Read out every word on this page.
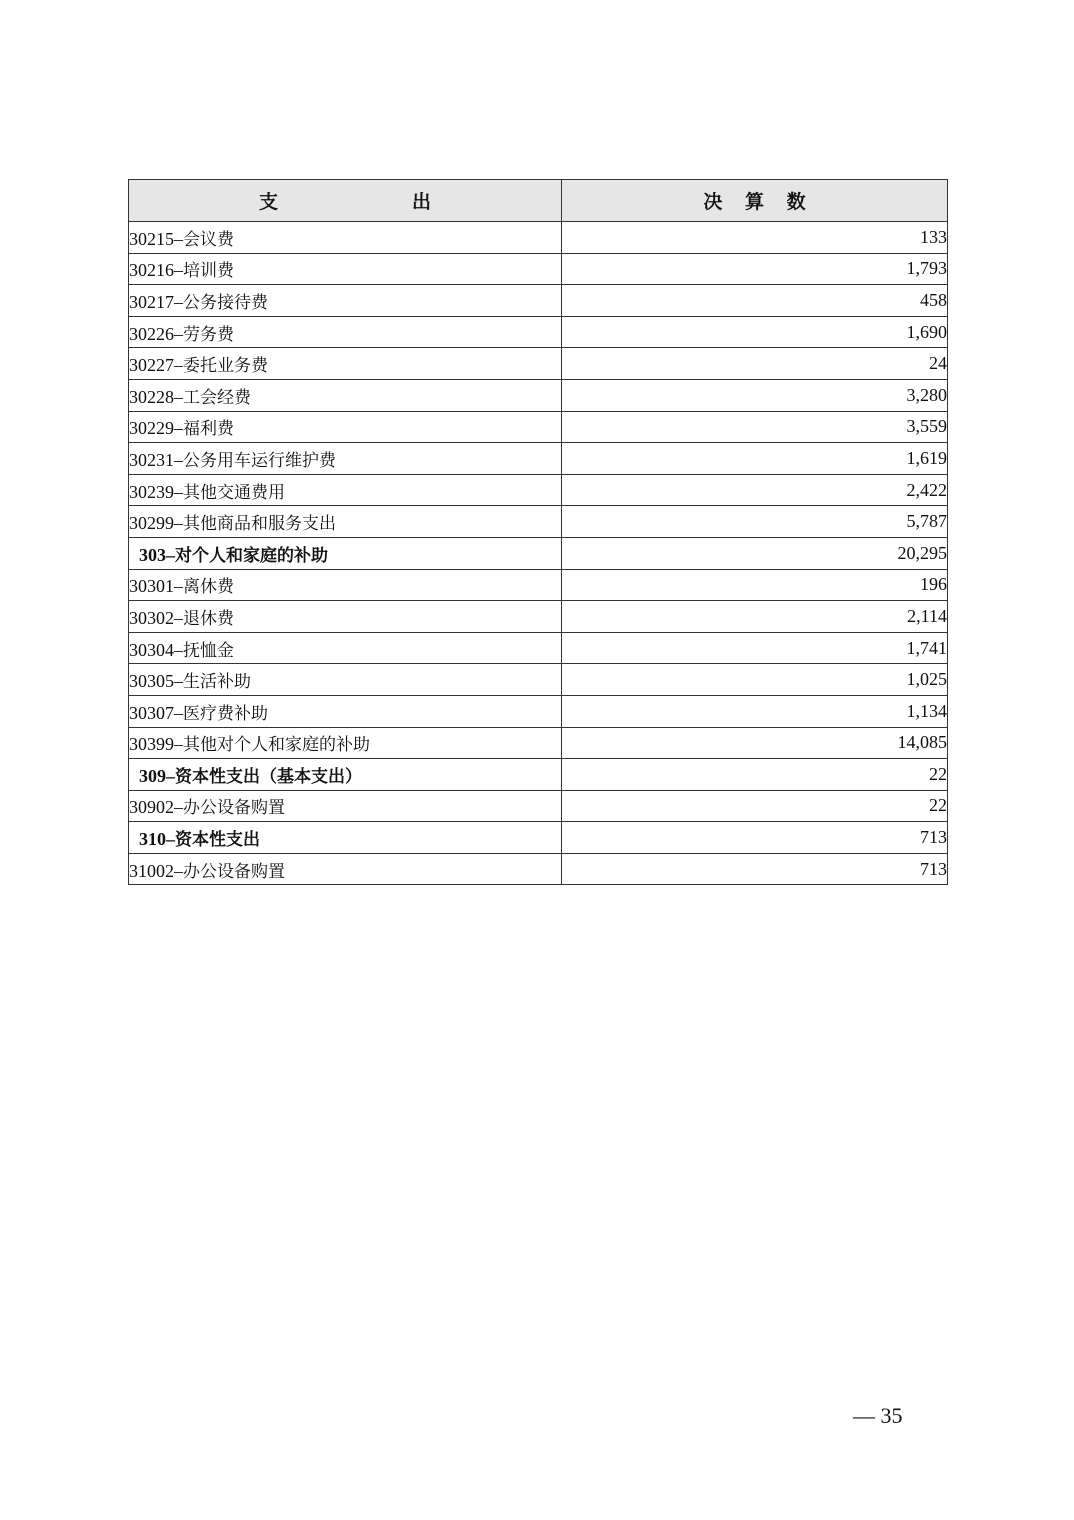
支 出	决 算 数
30215–会议费	133
30216–培训费	1,793
30217–公务接待费	458
30226–劳务费	1,690
30227–委托业务费	24
30228–工会经费	3,280
30229–福利费	3,559
30231–公务用车运行维护费	1,619
30239–其他交通费用	2,422
30299–其他商品和服务支出	5,787
303–对个人和家庭的补助	20,295
30301–离休费	196
30302–退休费	2,114
30304–抚恤金	1,741
30305–生活补助	1,025
30307–医疗费补助	1,134
30399–其他对个人和家庭的补助	14,085
309–资本性支出（基本支出）	22
30902–办公设备购置	22
310–资本性支出	713
31002–办公设备购置	713
— 35
